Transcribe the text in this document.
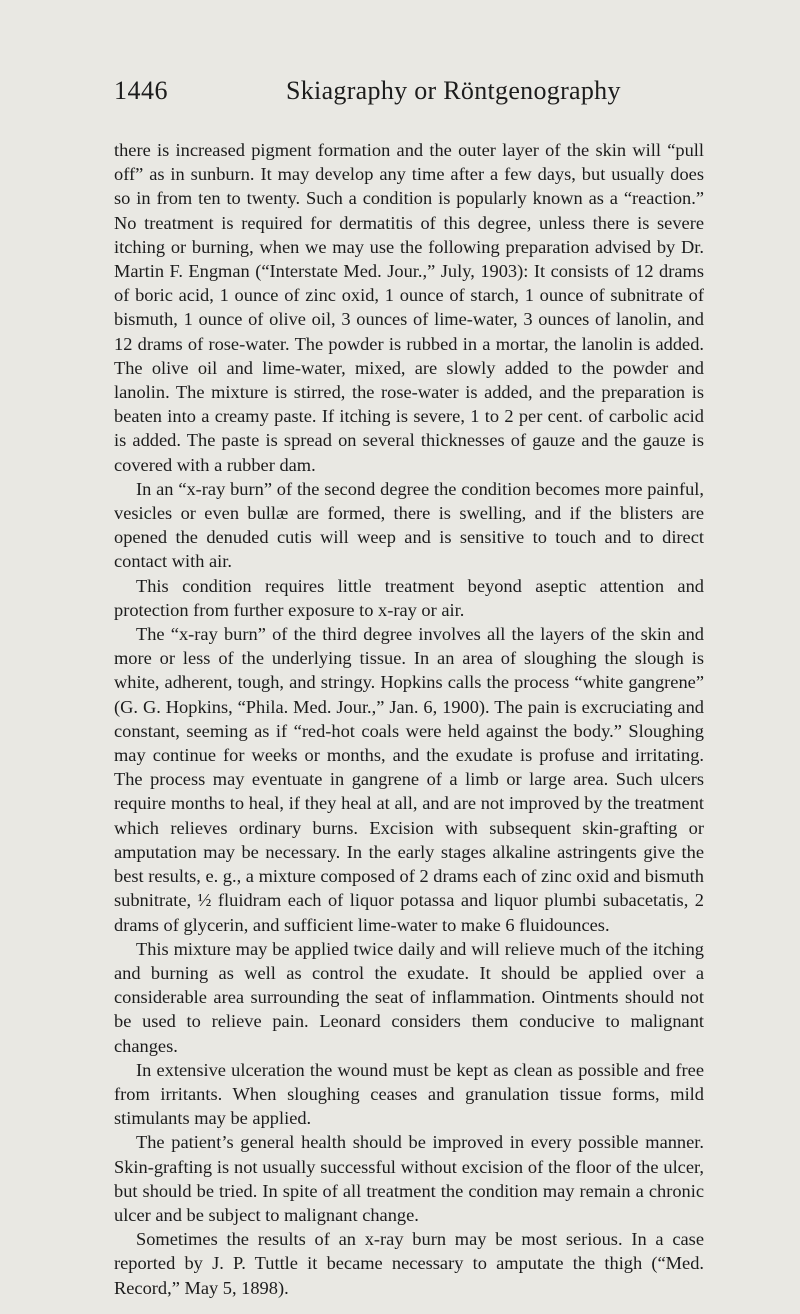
1446	Skiagraphy or Röntgenography

there is increased pigment formation and the outer layer of the skin will “pull off” as in sunburn. It may develop any time after a few days, but usually does so in from ten to twenty. Such a condition is popularly known as a “reaction.” No treatment is required for dermatitis of this degree, unless there is severe itching or burning, when we may use the following preparation advised by Dr. Martin F. Engman (“Interstate Med. Jour.,” July, 1903): It consists of 12 drams of boric acid, 1 ounce of zinc oxid, 1 ounce of starch, 1 ounce of subnitrate of bismuth, 1 ounce of olive oil, 3 ounces of lime-water, 3 ounces of lanolin, and 12 drams of rose-water. The powder is rubbed in a mortar, the lanolin is added. The olive oil and lime-water, mixed, are slowly added to the powder and lanolin. The mixture is stirred, the rose-water is added, and the preparation is beaten into a creamy paste. If itching is severe, 1 to 2 per cent. of carbolic acid is added. The paste is spread on several thicknesses of gauze and the gauze is covered with a rubber dam.

In an “x-ray burn” of the second degree the condition becomes more painful, vesicles or even bullæ are formed, there is swelling, and if the blisters are opened the denuded cutis will weep and is sensitive to touch and to direct contact with air.

This condition requires little treatment beyond aseptic attention and protection from further exposure to x-ray or air.

The “x-ray burn” of the third degree involves all the layers of the skin and more or less of the underlying tissue. In an area of sloughing the slough is white, adherent, tough, and stringy. Hopkins calls the process “white gangrene” (G. G. Hopkins, “Phila. Med. Jour.,” Jan. 6, 1900). The pain is excruciating and constant, seeming as if “red-hot coals were held against the body.” Sloughing may continue for weeks or months, and the exudate is profuse and irritating. The process may eventuate in gangrene of a limb or large area. Such ulcers require months to heal, if they heal at all, and are not improved by the treatment which relieves ordinary burns. Excision with subsequent skin-grafting or amputation may be necessary. In the early stages alkaline astringents give the best results, e. g., a mixture composed of 2 drams each of zinc oxid and bismuth subnitrate, ½ fluidram each of liquor potassa and liquor plumbi subacetatis, 2 drams of glycerin, and sufficient lime-water to make 6 fluidounces.

This mixture may be applied twice daily and will relieve much of the itching and burning as well as control the exudate. It should be applied over a considerable area surrounding the seat of inflammation. Ointments should not be used to relieve pain. Leonard considers them conducive to malignant changes.

In extensive ulceration the wound must be kept as clean as possible and free from irritants. When sloughing ceases and granulation tissue forms, mild stimulants may be applied.

The patient’s general health should be improved in every possible manner. Skin-grafting is not usually successful without excision of the floor of the ulcer, but should be tried. In spite of all treatment the condition may remain a chronic ulcer and be subject to malignant change.

Sometimes the results of an x-ray burn may be most serious. In a case reported by J. P. Tuttle it became necessary to amputate the thigh (“Med. Record,” May 5, 1898).
